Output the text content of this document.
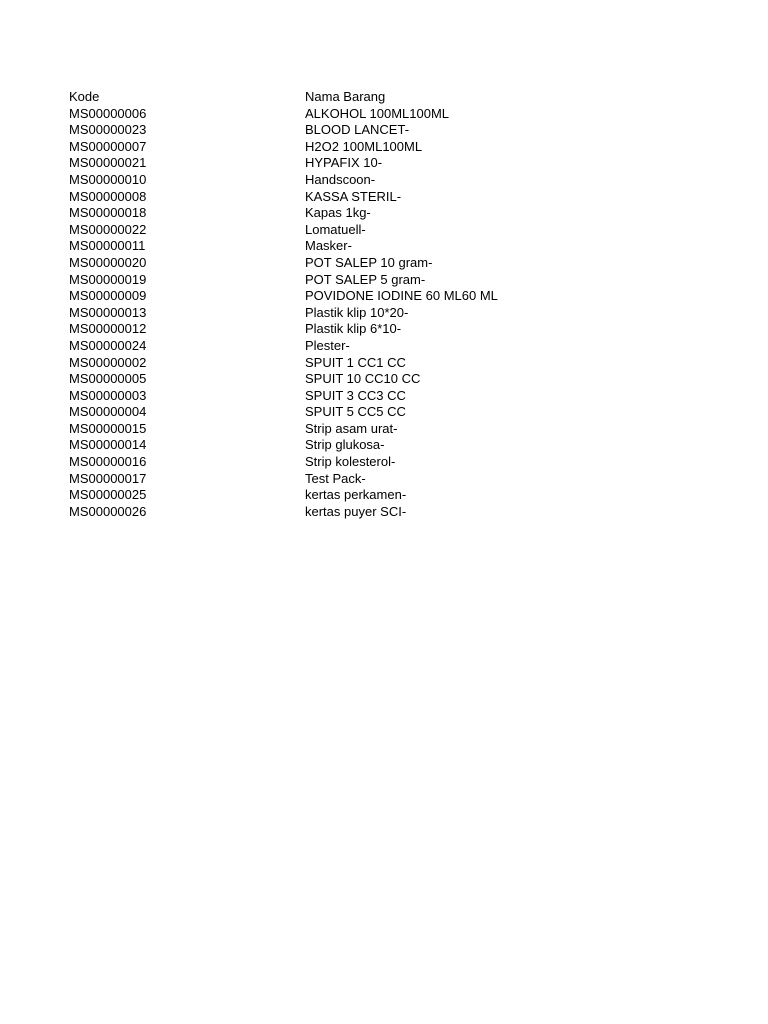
Kode	Nama Barang
MS00000006	ALKOHOL 100ML100ML
MS00000023	BLOOD LANCET-
MS00000007	H2O2 100ML100ML
MS00000021	HYPAFIX 10-
MS00000010	Handscoon-
MS00000008	KASSA STERIL-
MS00000018	Kapas 1kg-
MS00000022	Lomatuell-
MS00000011	Masker-
MS00000020	POT SALEP 10 gram-
MS00000019	POT SALEP 5 gram-
MS00000009	POVIDONE IODINE 60 ML60 ML
MS00000013	Plastik klip 10*20-
MS00000012	Plastik klip 6*10-
MS00000024	Plester-
MS00000002	SPUIT 1 CC1 CC
MS00000005	SPUIT 10 CC10 CC
MS00000003	SPUIT 3 CC3 CC
MS00000004	SPUIT 5 CC5 CC
MS00000015	Strip asam urat-
MS00000014	Strip glukosa-
MS00000016	Strip kolesterol-
MS00000017	Test Pack-
MS00000025	kertas perkamen-
MS00000026	kertas puyer SCI-
